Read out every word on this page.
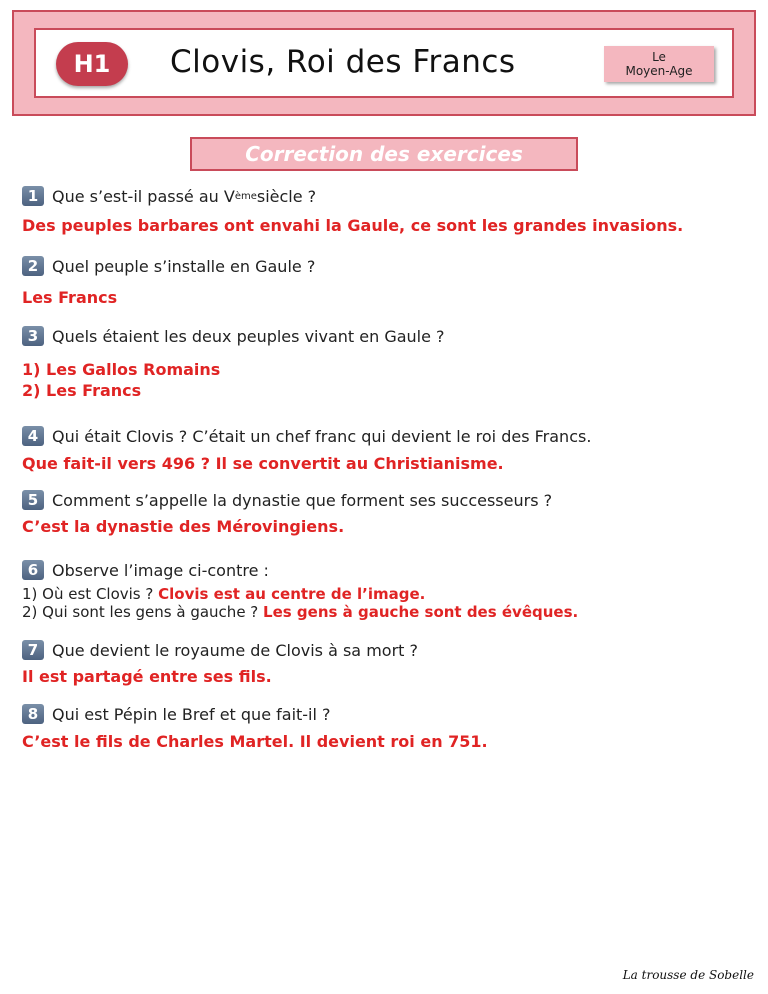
H1	Clovis, Roi des Francs	Le
Moyen-Age
Correction des exercices
1 Que s’est-il passé au V ème siècle ?
Des peuples barbares ont envahi la Gaule, ce sont les grandes invasions.
2 Quel peuple s’installe en Gaule ?
Les Francs
3 Quels étaient les deux peuples vivant en Gaule ?
1) Les Gallos Romains
2) Les Francs
4 Qui était Clovis ? C’était un chef franc qui devient le roi des Francs.
Que fait-il vers 496 ? Il se convertit au Christianisme.
5 Comment s’appelle la dynastie que forment ses successeurs ?
C’est la dynastie des Mérovingiens.
6 Observe l’image ci-contre :
1) Où est Clovis ? Clovis est au centre de l’image.
2) Qui sont les gens à gauche ? Les gens à gauche sont des évêques.
7 Que devient le royaume de Clovis à sa mort ?
Il est partagé entre ses fils.
8 Qui est Pépin le Bref et que fait-il ?
C’est le fils de Charles Martel. Il devient roi en 751.
La trousse de Sobelle
